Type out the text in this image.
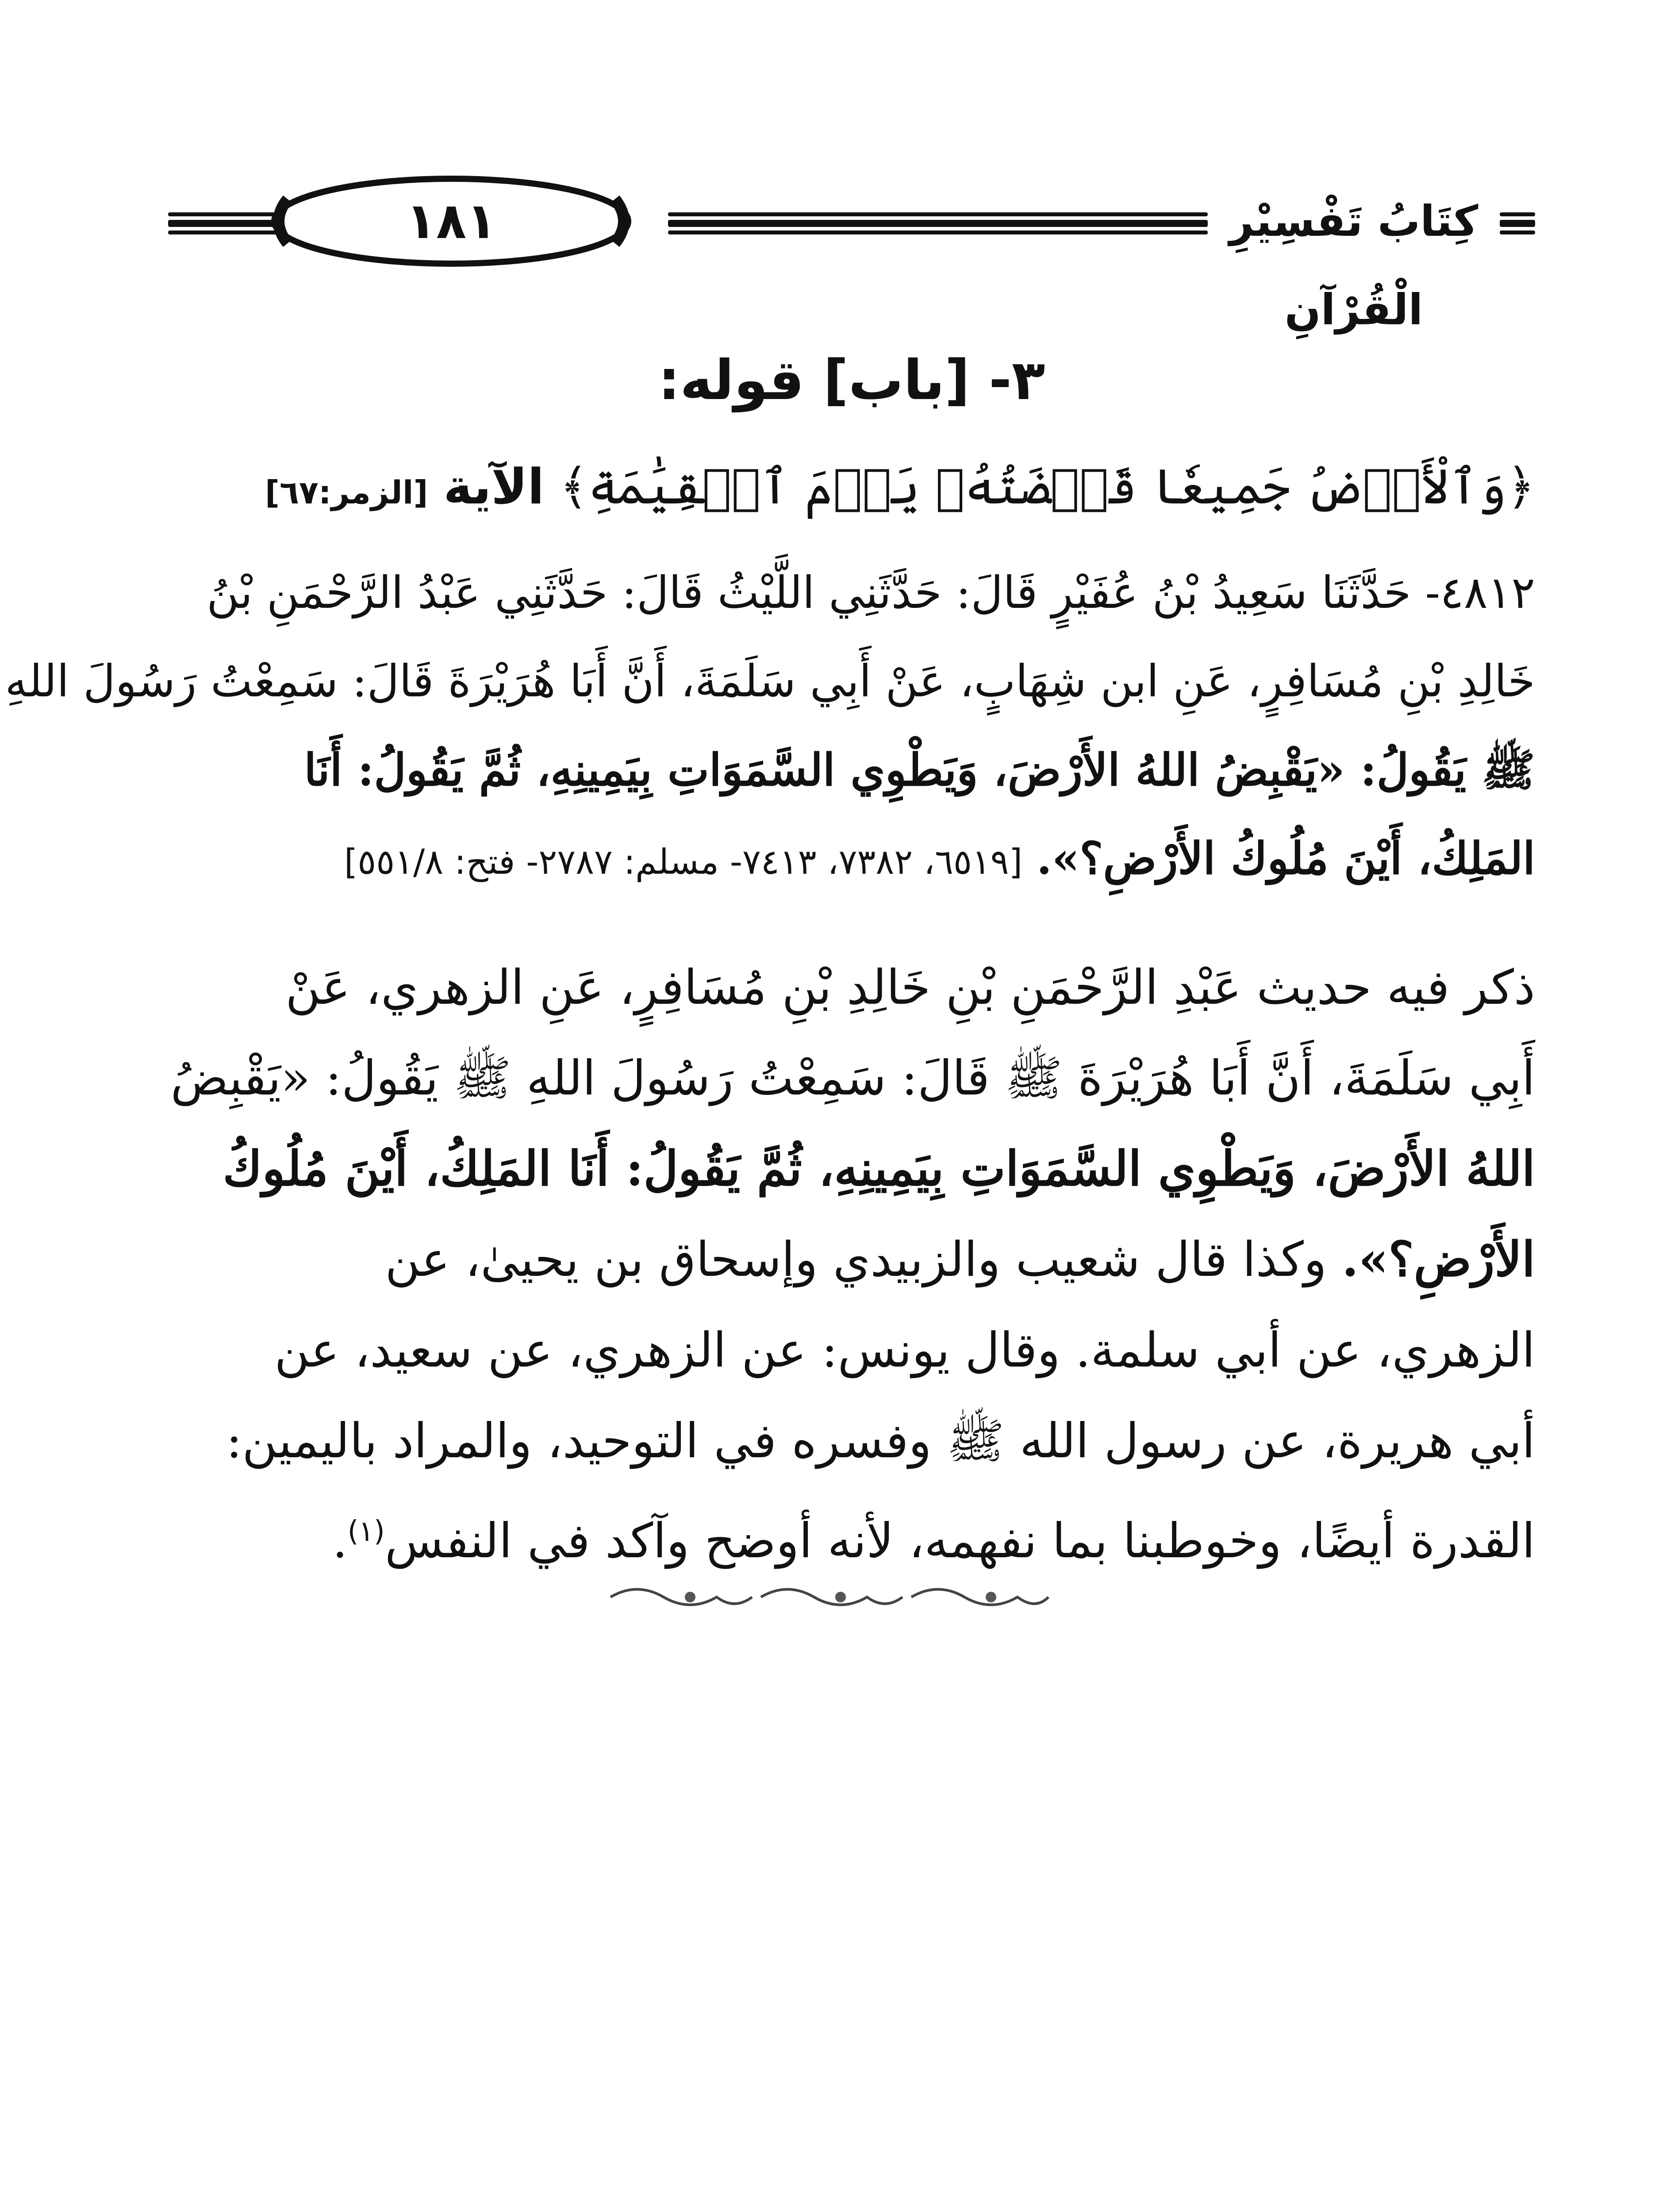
١٨١	كِتَابُ تَفْسِيْرِ الْقُرْآنِ
٣- [باب] قوله:
﴿وَٱلْأَرۡضُ جَمِيعٗا قَبۡضَتُهُۥ يَوۡمَ ٱلۡقِيَٰمَةِ﴾ الآية [الزمر:٦٧]
٤٨١٢- حَدَّثَنَا سَعِيدُ بْنُ عُفَيْرٍ قَالَ: حَدَّثَنِي اللَّيْثُ قَالَ: حَدَّثَنِي عَبْدُ الرَّحْمَنِ بْنُ
خَالِدِ بْنِ مُسَافِرٍ، عَنِ ابن شِهَابٍ، عَنْ أَبِي سَلَمَةَ، أَنَّ أَبَا هُرَيْرَةَ قَالَ: سَمِعْتُ رَسُولَ اللهِ
ﷺ يَقُولُ: «يَقْبِضُ اللهُ الأَرْضَ، وَيَطْوِي السَّمَوَاتِ بِيَمِينِهِ، ثُمَّ يَقُولُ: أَنَا
المَلِكُ، أَيْنَ مُلُوكُ الأَرْضِ؟». [٦٥١٩، ٧٣٨٢، ٧٤١٣- مسلم: ٢٧٨٧- فتح: ٥٥١/٨]
ذكر فيه حديث عَبْدِ الرَّحْمَنِ بْنِ خَالِدِ بْنِ مُسَافِرٍ، عَنِ الزهري، عَنْ
أَبِي سَلَمَةَ، أَنَّ أَبَا هُرَيْرَةَ ﷺ قَالَ: سَمِعْتُ رَسُولَ اللهِ ﷺ يَقُولُ: «يَقْبِضُ
اللهُ الأَرْضَ، وَيَطْوِي السَّمَوَاتِ بِيَمِينِهِ، ثُمَّ يَقُولُ: أَنَا المَلِكُ، أَيْنَ مُلُوكُ
الأَرْضِ؟». وكذا قال شعيب والزبيدي وإسحاق بن يحيىٰ، عن
الزهري، عن أبي سلمة. وقال يونس: عن الزهري، عن سعيد، عن
أبي هريرة، عن رسول الله ﷺ وفسره في التوحيد، والمراد باليمين:
القدرة أيضًا، وخوطبنا بما نفهمه، لأنه أوضح وآكد في النفس$^{(١)}$.
